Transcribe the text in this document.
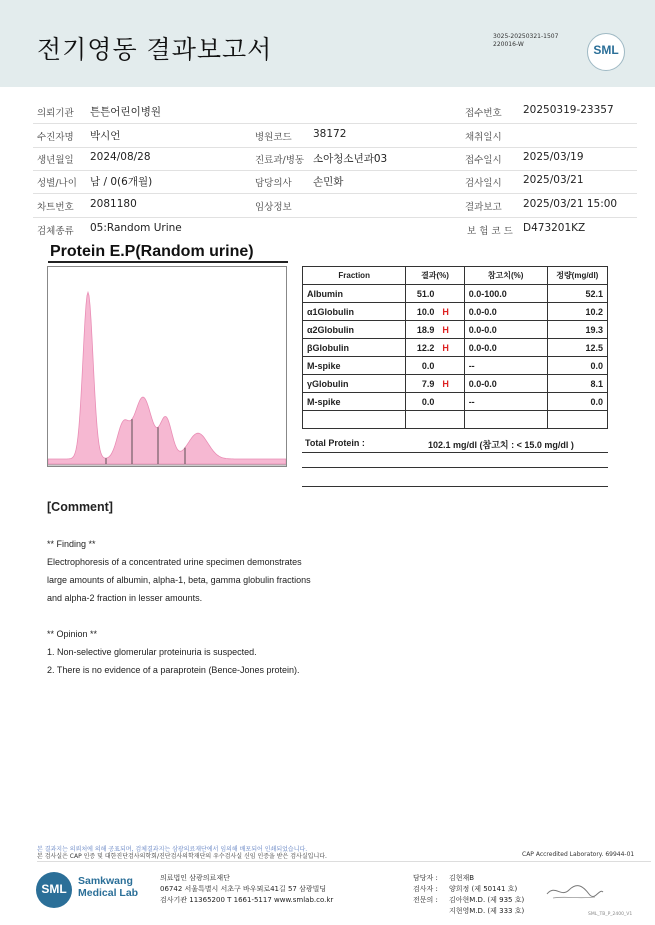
전기영동 결과보고서	3025-20250321-1507
220016-W	SML
의뢰기관 튼튼어린이병원	접수번호 20250319-23357
수진자명 박시언	병원코드 38172	채취일시
생년월일 2024/08/28	진료과/병동 소아청소년과03	접수일시 2025/03/19
성별/나이 남 / 0(6개월)	담당의사 손민화	검사일시 2025/03/21
차트번호 2081180	임상정보	결과보고 2025/03/21 15:00
검체종류 05:Random Urine	보 험 코 드 D473201KZ
Protein E.P(Random urine)
Fraction	결과(%)	참고치(%)	정량(mg/dl)
Albumin	51.0	0.0-100.0	52.1
α1Globulin	10.0 H	0.0-0.0	10.2
α2Globulin	18.9 H	0.0-0.0	19.3
βGlobulin	12.2 H	0.0-0.0	12.5
M-spike	0.0	--	0.0
γGlobulin	7.9 H	0.0-0.0	8.1
M-spike	0.0	--	0.0

Total Protein :	102.1 mg/dl (참고치 : < 15.0 mg/dl )
[Comment]
** Finding **
Electrophoresis of a concentrated urine specimen demonstrates
large amounts of albumin, alpha-1, beta, gamma globulin fractions
and alpha-2 fraction in lesser amounts.
** Opinion **
1. Non-selective glomerular proteinuria is suspected.
2. There is no evidence of a paraprotein (Bence-Jones protein).
본 결과지는 의뢰처에 의해 공표되며, 검체결과지는 삼광의료재단에서 임의해 배포되어 인쇄되었습니다.
본 검사실은 CAP 인증 및 대한진단검사의학회/진단검사의학재단의 우수검사실 신임 인증을 받은 검사실입니다.	CAP Accredited Laboratory. 69944-01
SML
Samkwang
Medical Lab
의료법인 삼광의료재단
06742 서울특별시 서초구 바우뫼로41길 57 삼광빌딩
검사기관 11365200 T 1661-5117 www.smlab.co.kr
담당자 : 김현재B
검사자 : 양희정 (제 50141 호)
전문의 : 김아현M.D. (제 935 호)
지현영M.D. (제 333 호)	SML_TB_P_2400_V1
